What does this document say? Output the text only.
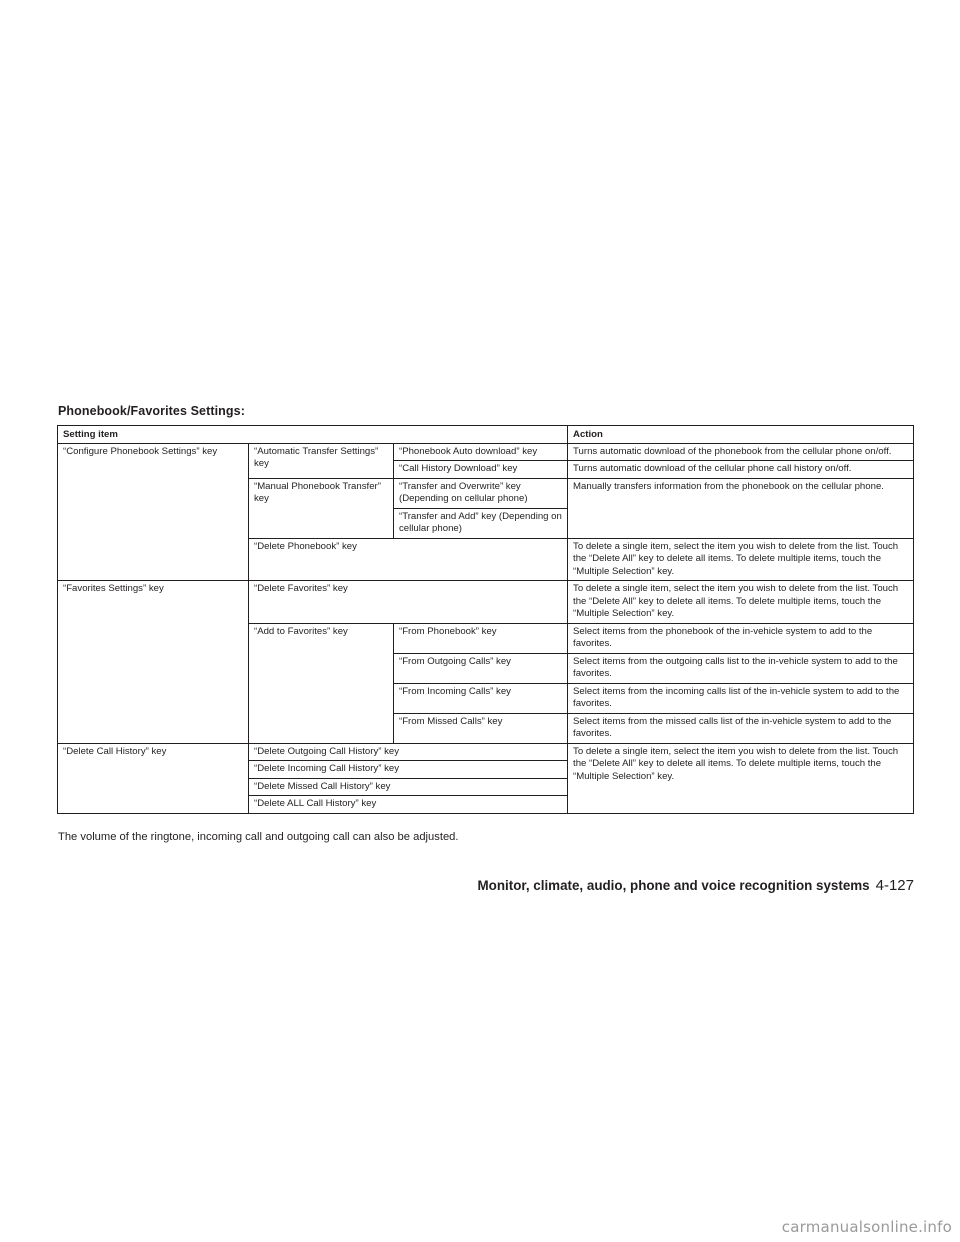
Phonebook/Favorites Settings:
Setting item			Action
“Configure Phonebook Settings” key	“Automatic Transfer Settings” key	“Phonebook Auto download” key	Turns automatic download of the phonebook from the cellular phone on/off.
		“Call History Download” key	Turns automatic download of the cellular phone call history on/off.
	“Manual Phonebook Transfer” key	“Transfer and Overwrite” key (Depending on cellular phone)	Manually transfers information from the phonebook on the cellular phone.
		“Transfer and Add” key (Depending on cellular phone)	
	“Delete Phonebook” key		To delete a single item, select the item you wish to delete from the list. Touch the “Delete All” key to delete all items. To delete multiple items, touch the “Multiple Selection” key.
“Favorites Settings” key	“Delete Favorites” key		To delete a single item, select the item you wish to delete from the list. Touch the “Delete All” key to delete all items. To delete multiple items, touch the “Multiple Selection” key.
	“Add to Favorites” key	“From Phonebook” key	Select items from the phonebook of the in-vehicle system to add to the favorites.
		“From Outgoing Calls” key	Select items from the outgoing calls list to the in-vehicle system to add to the favorites.
		“From Incoming Calls” key	Select items from the incoming calls list of the in-vehicle system to add to the favorites.
		“From Missed Calls” key	Select items from the missed calls list of the in-vehicle system to add to the favorites.
“Delete Call History” key	“Delete Outgoing Call History” key		To delete a single item, select the item you wish to delete from the list. Touch the “Delete All” key to delete all items. To delete multiple items, touch the “Multiple Selection” key.
	“Delete Incoming Call History” key		
	“Delete Missed Call History” key		
	“Delete ALL Call History” key		
The volume of the ringtone, incoming call and outgoing call can also be adjusted.
Monitor, climate, audio, phone and voice recognition systems 4-127
carmanualsonline.info
